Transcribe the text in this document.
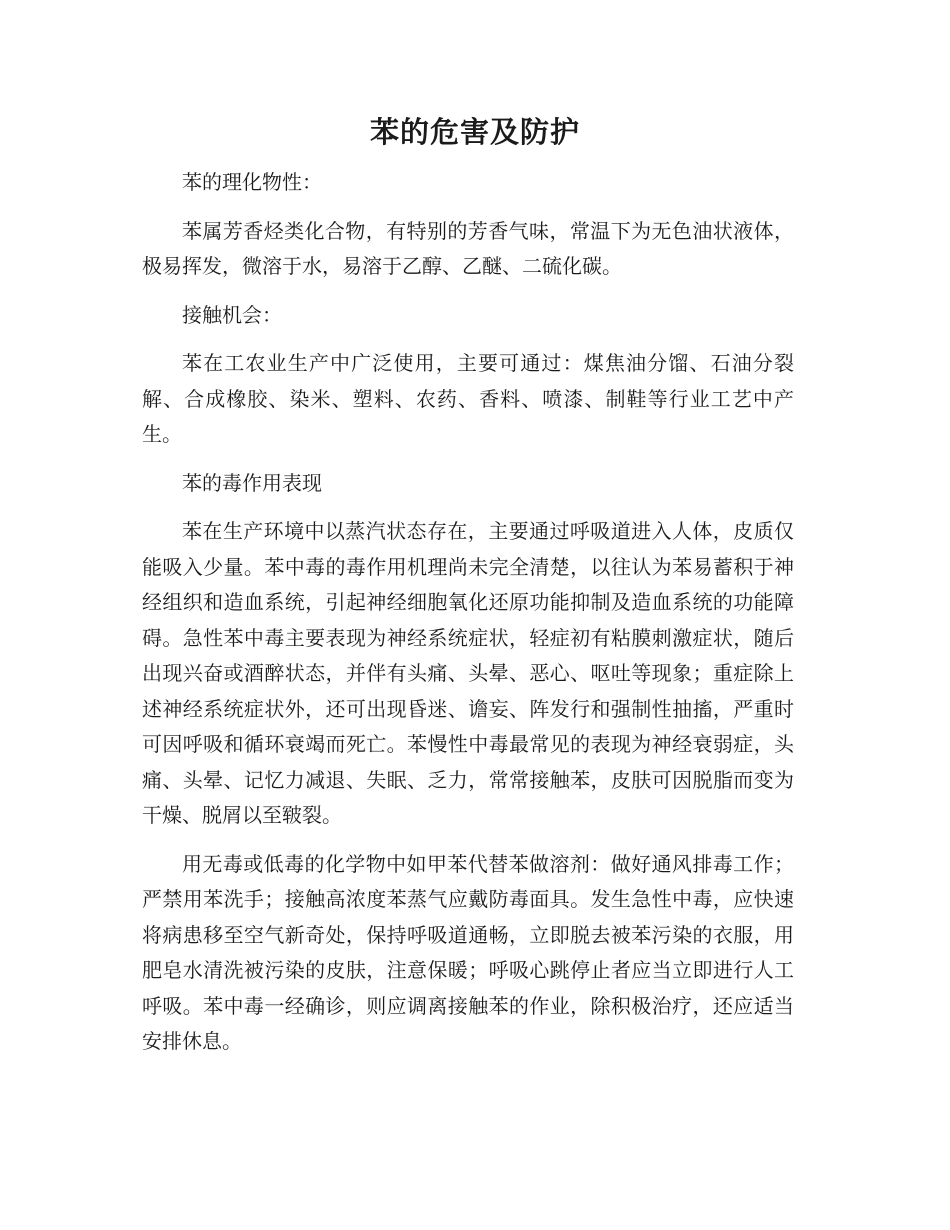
苯的危害及防护

苯的理化物性：

苯属芳香烃类化合物，有特别的芳香气味，常温下为无色油状液体，极易挥发，微溶于水，易溶于乙醇、乙醚、二硫化碳。

接触机会：

苯在工农业生产中广泛使用，主要可通过：煤焦油分馏、石油分裂解、合成橡胶、染米、塑料、农药、香料、喷漆、制鞋等行业工艺中产生。

苯的毒作用表现

苯在生产环境中以蒸汽状态存在，主要通过呼吸道进入人体，皮质仅能吸入少量。苯中毒的毒作用机理尚未完全清楚，以往认为苯易蓄积于神经组织和造血系统，引起神经细胞氧化还原功能抑制及造血系统的功能障碍。急性苯中毒主要表现为神经系统症状，轻症初有粘膜刺激症状，随后出现兴奋或酒醉状态，并伴有头痛、头晕、恶心、呕吐等现象；重症除上述神经系统症状外，还可出现昏迷、谵妄、阵发行和强制性抽搐，严重时可因呼吸和循环衰竭而死亡。苯慢性中毒最常见的表现为神经衰弱症，头痛、头晕、记忆力减退、失眠、乏力，常常接触苯，皮肤可因脱脂而变为干燥、脱屑以至皲裂。

用无毒或低毒的化学物中如甲苯代替苯做溶剂：做好通风排毒工作；严禁用苯洗手；接触高浓度苯蒸气应戴防毒面具。发生急性中毒，应快速将病患移至空气新奇处，保持呼吸道通畅，立即脱去被苯污染的衣服，用肥皂水清洗被污染的皮肤，注意保暖；呼吸心跳停止者应当立即进行人工呼吸。苯中毒一经确诊，则应调离接触苯的作业，除积极治疗，还应适当安排休息。
